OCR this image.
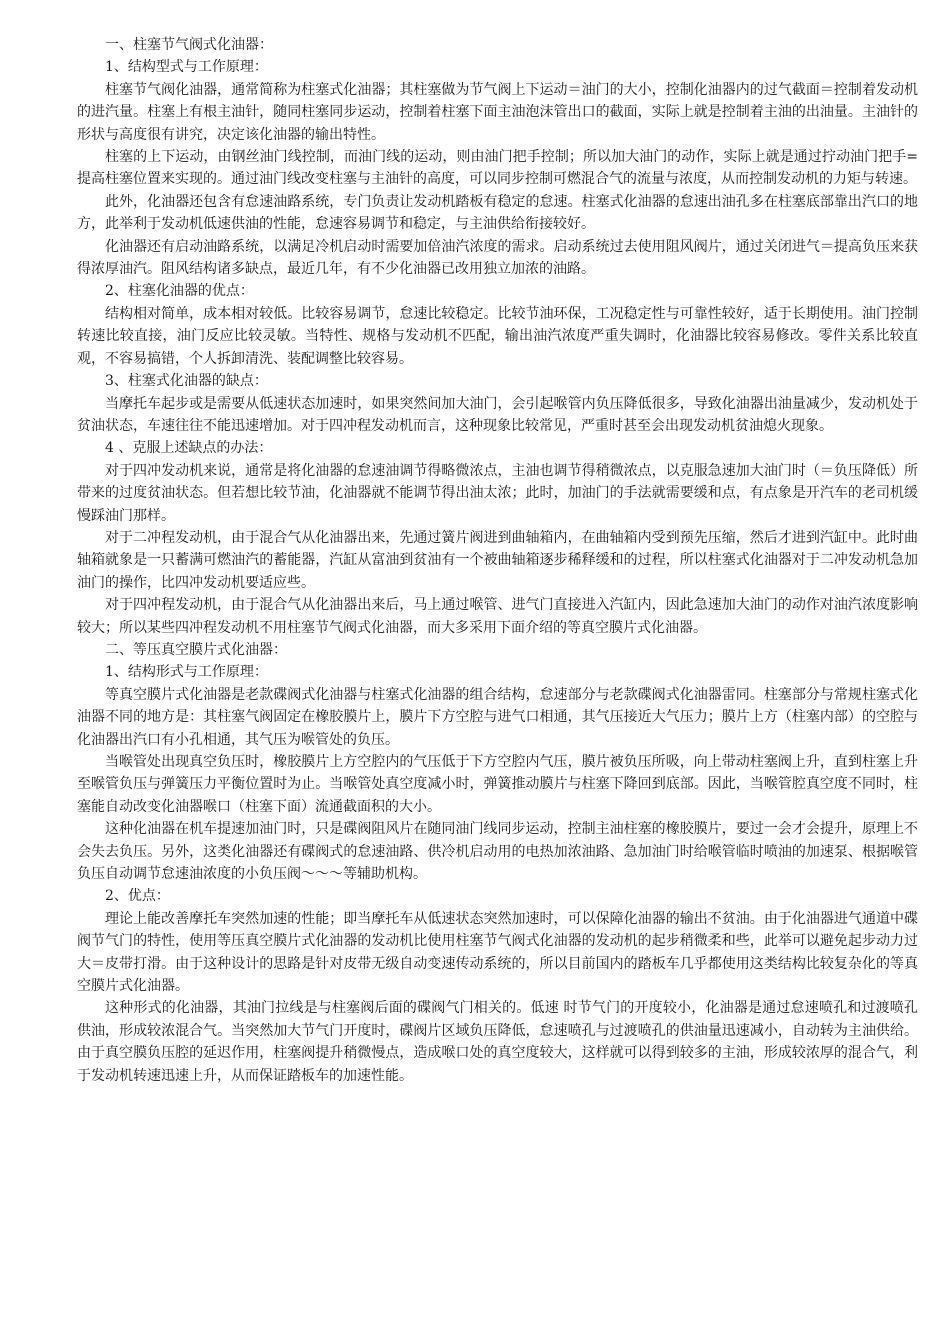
一、柱塞节气阀式化油器：

1、结构型式与工作原理：

柱塞节气阀化油器，通常简称为柱塞式化油器；其柱塞做为节气阀上下运动＝油门的大小，控制化油器内的过气截面＝控制着发动机的进汽量。柱塞上有根主油针，随同柱塞同步运动，控制着柱塞下面主油泡沫管出口的截面，实际上就是控制着主油的出油量。主油针的形状与高度很有讲究，决定该化油器的输出特性。

柱塞的上下运动，由钢丝油门线控制，而油门线的运动，则由油门把手控制；所以加大油门的动作，实际上就是通过拧动油门把手=提高柱塞位置来实现的。通过油门线改变柱塞与主油针的高度，可以同步控制可燃混合气的流量与浓度，从而控制发动机的力矩与转速。

此外，化油器还包含有怠速油路系统，专门负责让发动机踏板有稳定的怠速。柱塞式化油器的怠速出油孔多在柱塞底部靠出汽口的地方，此举利于发动机低速供油的性能，怠速容易调节和稳定，与主油供给衔接较好。

化油器还有启动油路系统，以满足冷机启动时需要加倍油汽浓度的需求。启动系统过去使用阻风阀片，通过关闭进气＝提高负压来获得浓厚油汽。阻风结构诸多缺点，最近几年，有不少化油器已改用独立加浓的油路。

2、柱塞化油器的优点：

结构相对简单，成本相对较低。比较容易调节，怠速比较稳定。比较节油环保，工况稳定性与可靠性较好，适于长期使用。油门控制转速比较直接，油门反应比较灵敏。当特性、规格与发动机不匹配，输出油汽浓度严重失调时，化油器比较容易修改。零件关系比较直观，不容易搞错，个人拆卸清洗、装配调整比较容易。

3、柱塞式化油器的缺点：

当摩托车起步或是需要从低速状态加速时，如果突然间加大油门，会引起喉管内负压降低很多，导致化油器出油量减少，发动机处于贫油状态，车速往往不能迅速增加。对于四冲程发动机而言，这种现象比较常见，严重时甚至会出现发动机贫油熄火现象。

4 、克服上述缺点的办法：

对于四冲发动机来说，通常是将化油器的怠速油调节得略微浓点，主油也调节得稍微浓点，以克服急速加大油门时（＝负压降低）所带来的过度贫油状态。但若想比较节油，化油器就不能调节得出油太浓；此时，加油门的手法就需要缓和点，有点象是开汽车的老司机缓慢踩油门那样。

对于二冲程发动机，由于混合气从化油器出来，先通过簧片阀进到曲轴箱内，在曲轴箱内受到预先压缩，然后才进到汽缸中。此时曲轴箱就象是一只蓄满可燃油汽的蓄能器，汽缸从富油到贫油有一个被曲轴箱逐步稀释缓和的过程，所以柱塞式化油器对于二冲发动机急加油门的操作，比四冲发动机要适应些。

对于四冲程发动机，由于混合气从化油器出来后，马上通过喉管、进气门直接进入汽缸内，因此急速加大油门的动作对油汽浓度影响较大；所以某些四冲程发动机不用柱塞节气阀式化油器，而大多采用下面介绍的等真空膜片式化油器。

二、等压真空膜片式化油器：

1、结构形式与工作原理：

等真空膜片式化油器是老款碟阀式化油器与柱塞式化油器的组合结构，怠速部分与老款碟阀式化油器雷同。柱塞部分与常规柱塞式化油器不同的地方是：其柱塞气阀固定在橡胶膜片上，膜片下方空腔与进气口相通，其气压接近大气压力；膜片上方（柱塞内部）的空腔与化油器出汽口有小孔相通，其气压为喉管处的负压。

当喉管处出现真空负压时，橡胶膜片上方空腔内的气压低于下方空腔内气压，膜片被负压所吸，向上带动柱塞阀上升，直到柱塞上升至喉管负压与弹簧压力平衡位置时为止。当喉管处真空度减小时，弹簧推动膜片与柱塞下降回到底部。因此，当喉管腔真空度不同时，柱塞能自动改变化油器喉口（柱塞下面）流通截面积的大小。

这种化油器在机车提速加油门时，只是碟阀阻风片在随同油门线同步运动，控制主油柱塞的橡胶膜片，要过一会才会提升，原理上不会失去负压。另外，这类化油器还有碟阀式的怠速油路、供冷机启动用的电热加浓油路、急加油门时给喉管临时喷油的加速泵、根据喉管负压自动调节怠速油浓度的小负压阀～～～等辅助机构。

2、优点：

理论上能改善摩托车突然加速的性能；即当摩托车从低速状态突然加速时，可以保障化油器的输出不贫油。由于化油器进气通道中碟阀节气门的特性，使用等压真空膜片式化油器的发动机比使用柱塞节气阀式化油器的发动机的起步稍微柔和些，此举可以避免起步动力过大＝皮带打滑。由于这种设计的思路是针对皮带无级自动变速传动系统的，所以目前国内的踏板车几乎都使用这类结构比较复杂化的等真空膜片式化油器。

这种形式的化油器，其油门拉线是与柱塞阀后面的碟阀气门相关的。低速 时节气门的开度较小，化油器是通过怠速喷孔和过渡喷孔供油，形成较浓混合气。当突然加大节气门开度时，碟阀片区域负压降低，怠速喷孔与过渡喷孔的供油量迅速减小，自动转为主油供给。由于真空膜负压腔的延迟作用，柱塞阀提升稍微慢点，造成喉口处的真空度较大，这样就可以得到较多的主油，形成较浓厚的混合气，利于发动机转速迅速上升，从而保证踏板车的加速性能。
